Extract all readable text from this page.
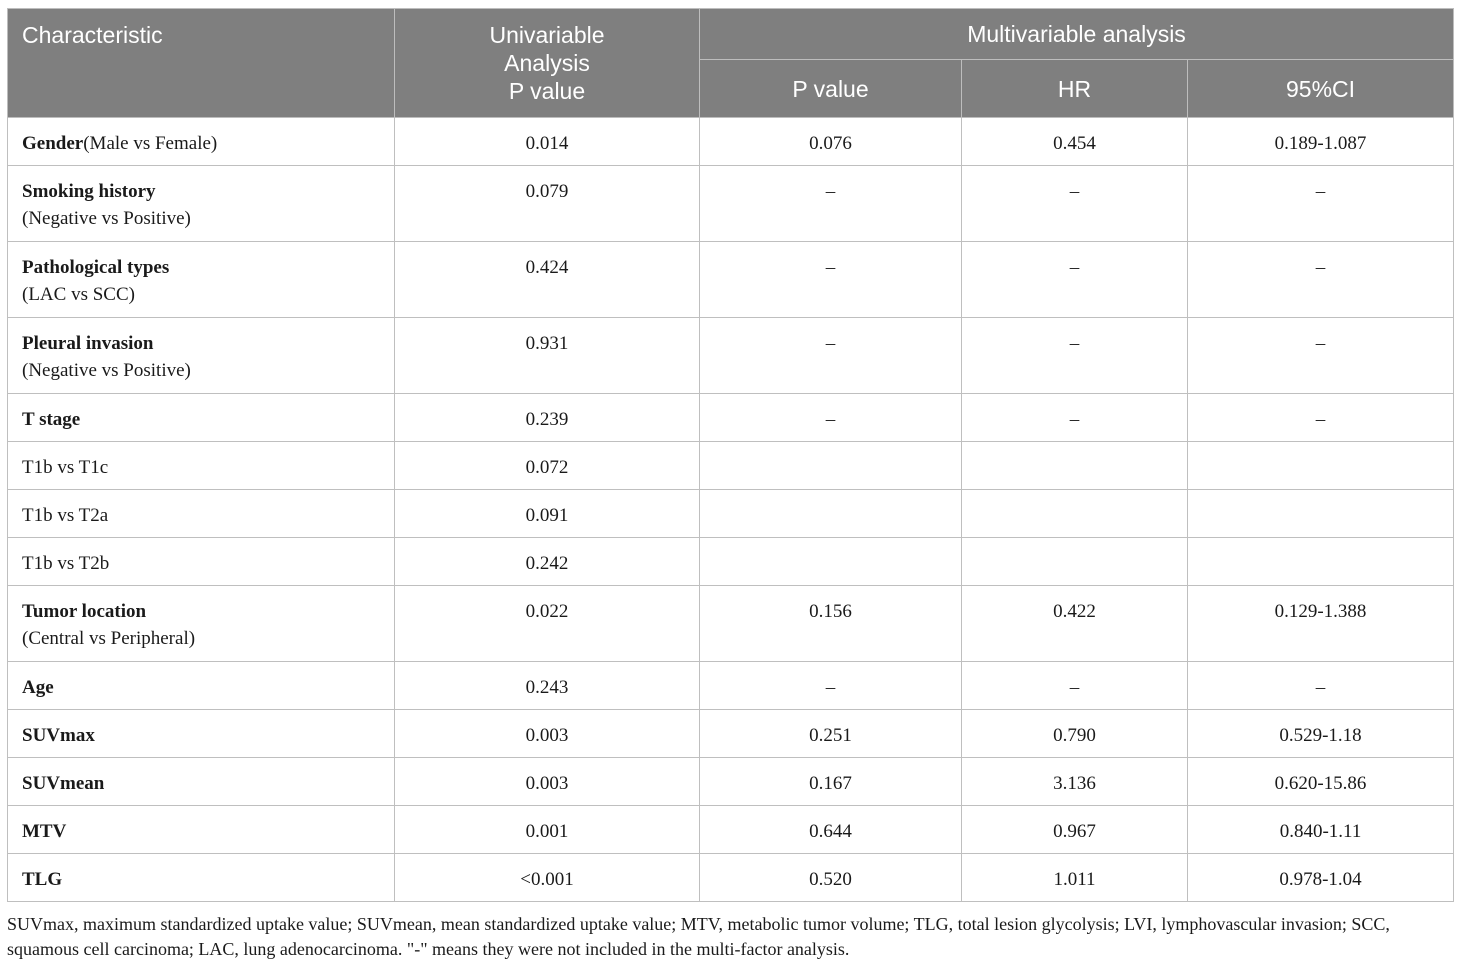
Characteristic	Univariable
Analysis
P value	Multivariable analysis		
		P value	HR	95%CI

Gender(Male vs Female)	0.014	0.076	0.454	0.189-1.087

Smoking history
(Negative vs Positive)	0.079	–	–	–

Pathological types
(LAC vs SCC)	0.424	–	–	–

Pleural invasion
(Negative vs Positive)	0.931	–	–	–

T stage	0.239	–	–	–

T1b vs T1c	0.072			

T1b vs T2a	0.091			

T1b vs T2b	0.242			

Tumor location
(Central vs Peripheral)	0.022	0.156	0.422	0.129-1.388

Age	0.243	–	–	–

SUVmax	0.003	0.251	0.790	0.529-1.18

SUVmean	0.003	0.167	3.136	0.620-15.86

MTV	0.001	0.644	0.967	0.840-1.11

TLG	<0.001	0.520	1.011	0.978-1.04
SUVmax, maximum standardized uptake value; SUVmean, mean standardized uptake value; MTV, metabolic tumor volume; TLG, total lesion glycolysis; LVI, lymphovascular invasion; SCC, squamous cell carcinoma; LAC, lung adenocarcinoma. "-" means they were not included in the multi-factor analysis.
